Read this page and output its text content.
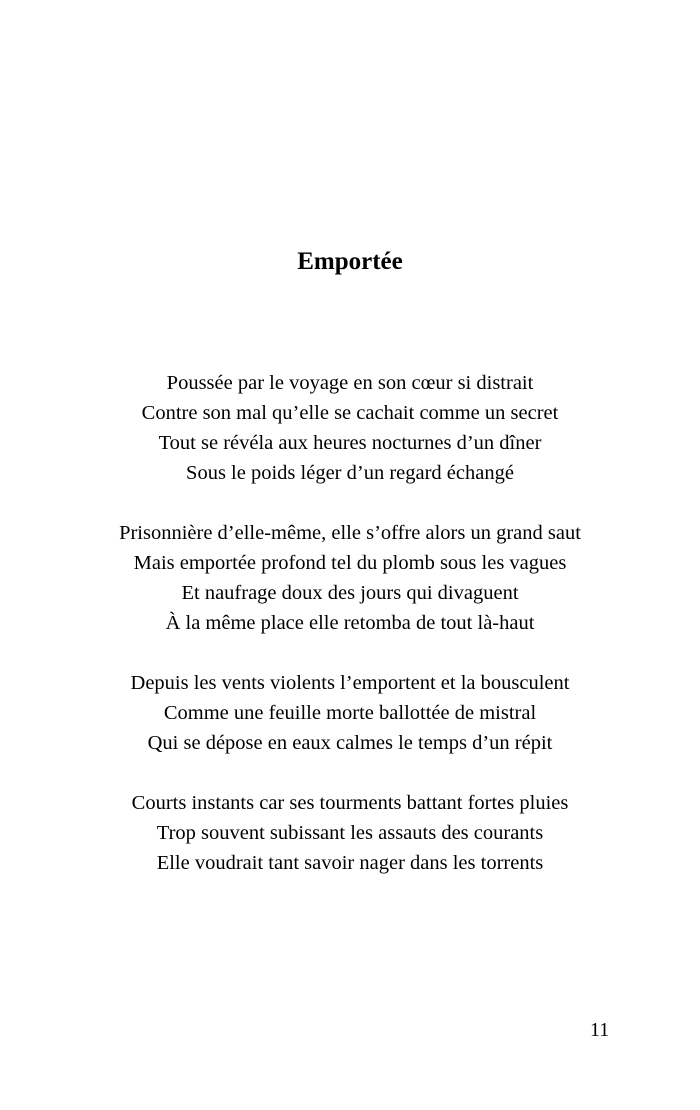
Emportée
Poussée par le voyage en son cœur si distrait
Contre son mal qu’elle se cachait comme un secret
Tout se révéla aux heures nocturnes d’un dîner
Sous le poids léger d’un regard échangé
Prisonnière d’elle-même, elle s’offre alors un grand saut
Mais emportée profond tel du plomb sous les vagues
Et naufrage doux des jours qui divaguent
À la même place elle retomba de tout là-haut
Depuis les vents violents l’emportent et la bousculent
Comme une feuille morte ballottée de mistral
Qui se dépose en eaux calmes le temps d’un répit
Courts instants car ses tourments battant fortes pluies
Trop souvent subissant les assauts des courants
Elle voudrait tant savoir nager dans les torrents
11
